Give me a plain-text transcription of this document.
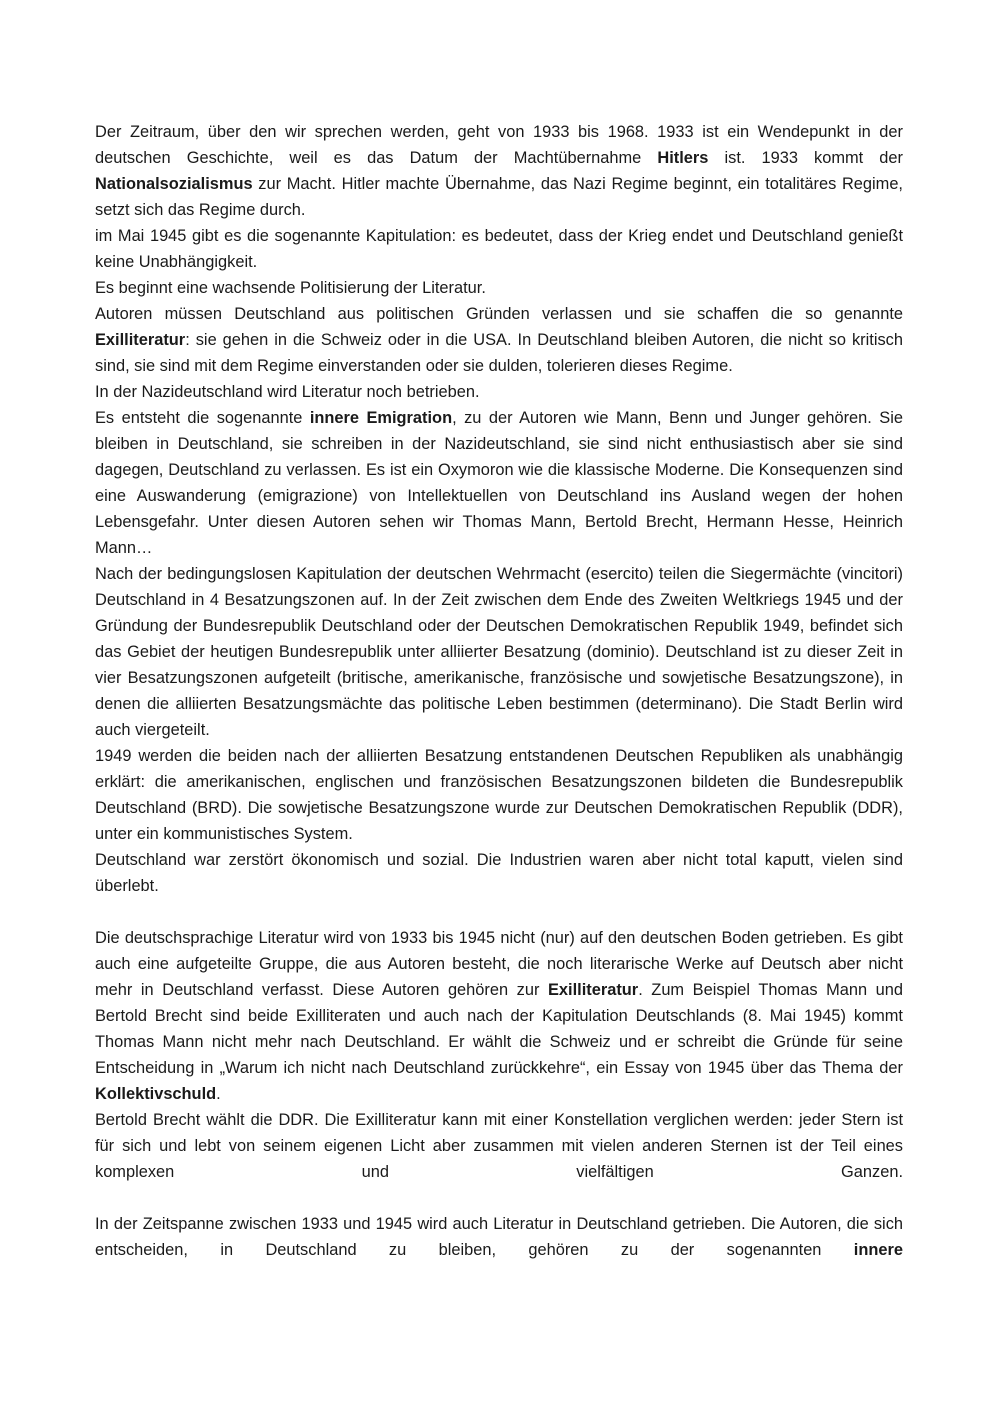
Der Zeitraum, über den wir sprechen werden, geht von 1933 bis 1968. 1933 ist ein Wendepunkt in der deutschen Geschichte, weil es das Datum der Machtübernahme Hitlers ist. 1933 kommt der Nationalsozialismus zur Macht. Hitler machte Übernahme, das Nazi Regime beginnt, ein totalitäres Regime, setzt sich das Regime durch.

im Mai 1945 gibt es die sogenannte Kapitulation: es bedeutet, dass der Krieg endet und Deutschland genießt keine Unabhängigkeit.

Es beginnt eine wachsende Politisierung der Literatur.

Autoren müssen Deutschland aus politischen Gründen verlassen und sie schaffen die so genannte Exilliteratur: sie gehen in die Schweiz oder in die USA. In Deutschland bleiben Autoren, die nicht so kritisch sind, sie sind mit dem Regime einverstanden oder sie dulden, tolerieren dieses Regime.

In der Nazideutschland wird Literatur noch betrieben.

Es entsteht die sogenannte innere Emigration, zu der Autoren wie Mann, Benn und Junger gehören. Sie bleiben in Deutschland, sie schreiben in der Nazideutschland, sie sind nicht enthusiastisch aber sie sind dagegen, Deutschland zu verlassen. Es ist ein Oxymoron wie die klassische Moderne. Die Konsequenzen sind eine Auswanderung (emigrazione) von Intellektuellen von Deutschland ins Ausland wegen der hohen Lebensgefahr. Unter diesen Autoren sehen wir Thomas Mann, Bertold Brecht, Hermann Hesse, Heinrich Mann…

Nach der bedingungslosen Kapitulation der deutschen Wehrmacht (esercito) teilen die Siegermächte (vincitori) Deutschland in 4 Besatzungszonen auf. In der Zeit zwischen dem Ende des Zweiten Weltkriegs 1945 und der Gründung der Bundesrepublik Deutschland oder der Deutschen Demokratischen Republik 1949, befindet sich das Gebiet der heutigen Bundesrepublik unter alliierter Besatzung (dominio). Deutschland ist zu dieser Zeit in vier Besatzungszonen aufgeteilt (britische, amerikanische, französische und sowjetische Besatzungszone), in denen die alliierten Besatzungsmächte das politische Leben bestimmen (determinano). Die Stadt Berlin wird auch viergeteilt.

1949 werden die beiden nach der alliierten Besatzung entstandenen Deutschen Republiken als unabhängig erklärt: die amerikanischen, englischen und französischen Besatzungszonen bildeten die Bundesrepublik Deutschland (BRD). Die sowjetische Besatzungszone wurde zur Deutschen Demokratischen Republik (DDR), unter ein kommunistisches System.

Deutschland war zerstört ökonomisch und sozial. Die Industrien waren aber nicht total kaputt, vielen sind überlebt.

Die deutschsprachige Literatur wird von 1933 bis 1945 nicht (nur) auf den deutschen Boden getrieben. Es gibt auch eine aufgeteilte Gruppe, die aus Autoren besteht, die noch literarische Werke auf Deutsch aber nicht mehr in Deutschland verfasst. Diese Autoren gehören zur Exilliteratur. Zum Beispiel Thomas Mann und Bertold Brecht sind beide Exilliteraten und auch nach der Kapitulation Deutschlands (8. Mai 1945) kommt Thomas Mann nicht mehr nach Deutschland. Er wählt die Schweiz und er schreibt die Gründe für seine Entscheidung in „Warum ich nicht nach Deutschland zurückkehre“, ein Essay von 1945 über das Thema der Kollektivschuld.

Bertold Brecht wählt die DDR. Die Exilliteratur kann mit einer Konstellation verglichen werden: jeder Stern ist für sich und lebt von seinem eigenen Licht aber zusammen mit vielen anderen Sternen ist der Teil eines komplexen und vielfältigen Ganzen.

In der Zeitspanne zwischen 1933 und 1945 wird auch Literatur in Deutschland getrieben. Die Autoren, die sich entscheiden, in Deutschland zu bleiben, gehören zu der sogenannten innere
